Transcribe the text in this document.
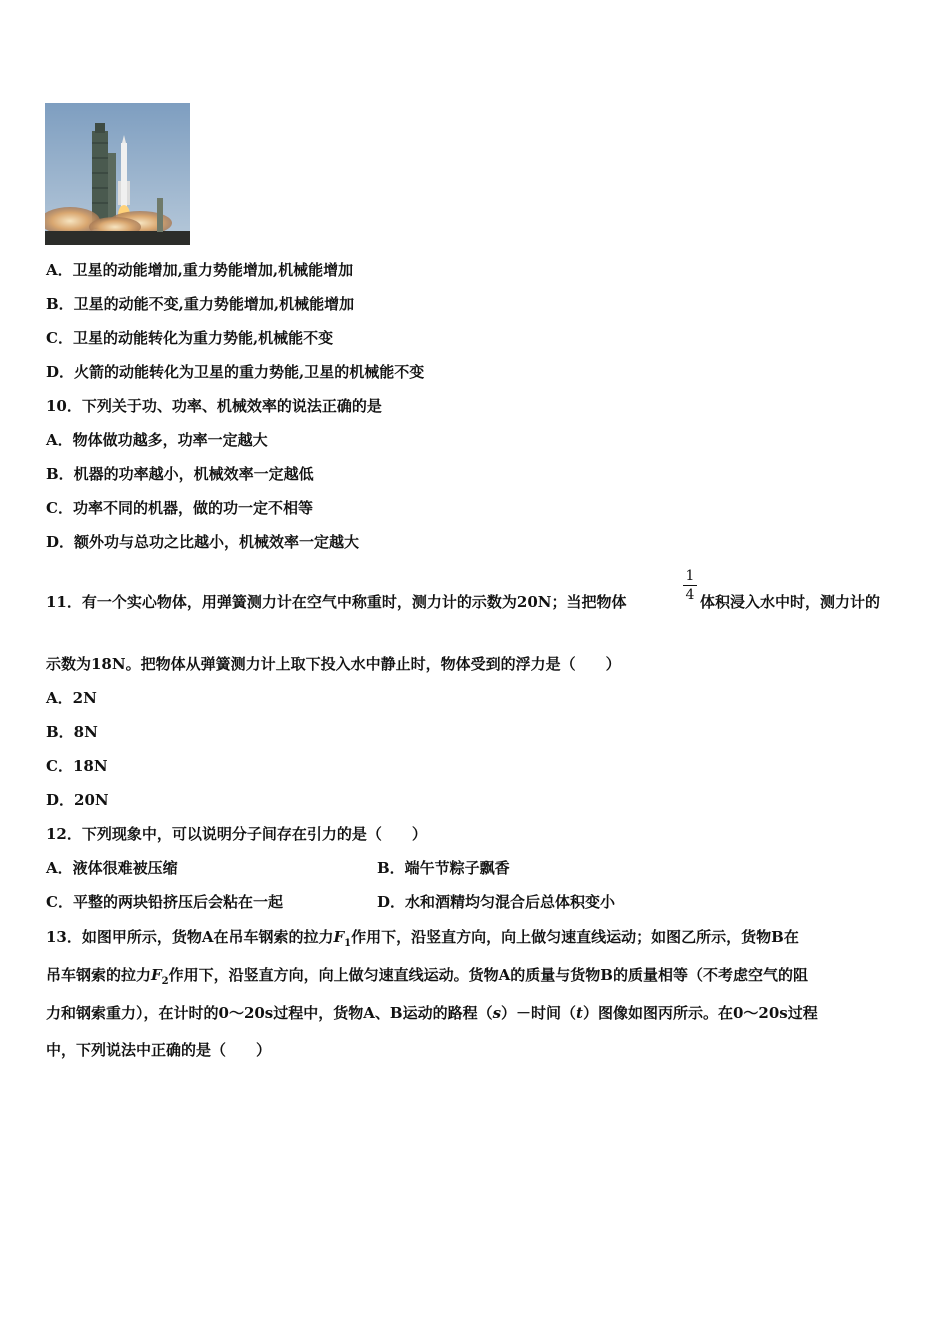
A．卫星的动能增加,重力势能增加,机械能增加
B．卫星的动能不变,重力势能增加,机械能增加
C．卫星的动能转化为重力势能,机械能不变
D．火箭的动能转化为卫星的重力势能,卫星的机械能不变
10．下列关于功、功率、机械效率的说法正确的是
A．物体做功越多，功率一定越大
B．机器的功率越小，机械效率一定越低
C．功率不同的机器，做的功一定不相等
D．额外功与总功之比越小，机械效率一定越大
11．有一个实心物体，用弹簧测力计在空气中称重时，测力计的示数为20N；当把物体
1
4 体积浸入水中时，测力计的
示数为18N。把物体从弹簧测力计上取下投入水中静止时，物体受到的浮力是（　　）
A．2N
B．8N
C．18N
D．20N
12．下列现象中，可以说明分子间存在引力的是（　　）
A．液体很难被压缩	B．端午节粽子飘香
C．平整的两块铅挤压后会粘在一起	D．水和酒精均匀混合后总体积变小
13．如图甲所示，货物A在吊车钢索的拉力$F_1$作用下，沿竖直方向，向上做匀速直线运动；如图乙所示，货物B在
吊车钢索的拉力$F_2$作用下，沿竖直方向，向上做匀速直线运动。货物A的质量与货物B的质量相等（不考虑空气的阻
力和钢索重力），在计时的0～20s过程中，货物A、B运动的路程（s）－时间（t）图像如图丙所示。在0～20s过程
中，下列说法中正确的是（　　）
